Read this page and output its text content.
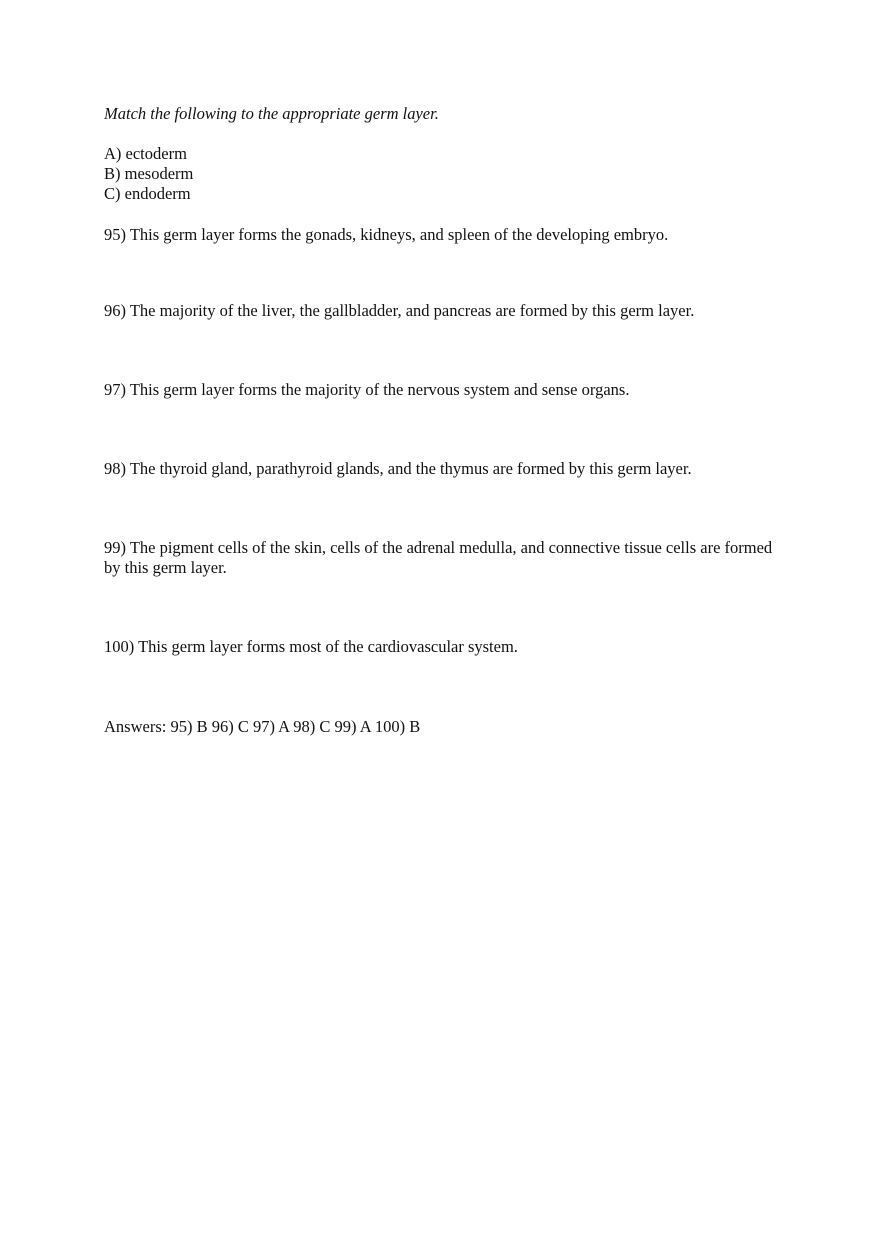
Match the following to the appropriate germ layer.

A) ectoderm
B) mesoderm
C) endoderm

95) This germ layer forms the gonads, kidneys, and spleen of the developing embryo.

96) The majority of the liver, the gallbladder, and pancreas are formed by this germ layer.

97) This germ layer forms the majority of the nervous system and sense organs.

98) The thyroid gland, parathyroid glands, and the thymus are formed by this germ layer.

99) The pigment cells of the skin, cells of the adrenal medulla, and connective tissue cells are formed by this germ layer.

100) This germ layer forms most of the cardiovascular system.

Answers: 95) B 96) C 97) A 98) C 99) A 100) B
